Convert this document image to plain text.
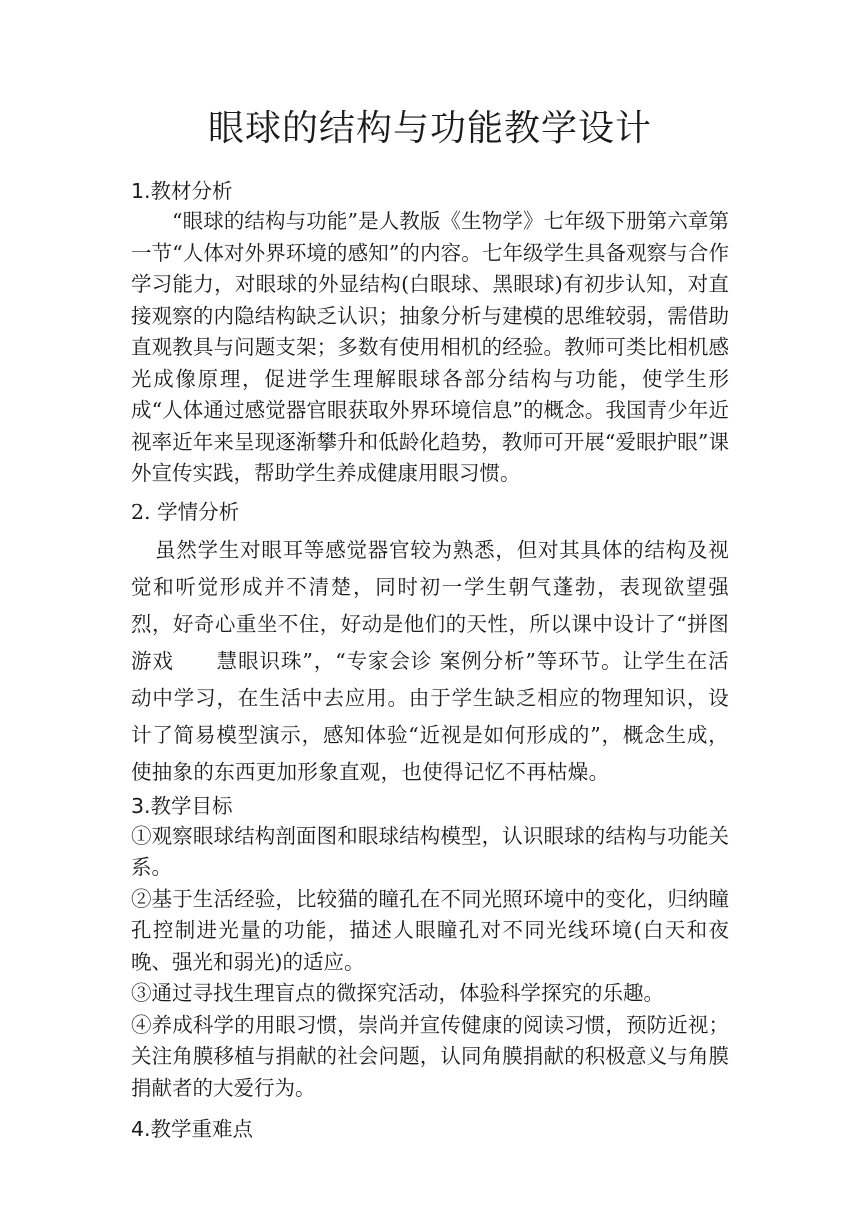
眼球的结构与功能教学设计
1.教材分析

“眼球的结构与功能”是人教版《生物学》七年级下册第六章第一节“人体对外界环境的感知”的内容。七年级学生具备观察与合作学习能力，对眼球的外显结构(白眼球、黑眼球)有初步认知，对直接观察的内隐结构缺乏认识；抽象分析与建模的思维较弱，需借助直观教具与问题支架；多数有使用相机的经验。教师可类比相机感光成像原理，促进学生理解眼球各部分结构与功能，使学生形成“人体通过感觉器官眼获取外界环境信息”的概念。我国青少年近视率近年来呈现逐渐攀升和低龄化趋势，教师可开展“爱眼护眼”课外宣传实践，帮助学生养成健康用眼习惯。

2. 学情分析

虽然学生对眼耳等感觉器官较为熟悉，但对其具体的结构及视觉和听觉形成并不清楚，同时初一学生朝气蓬勃，表现欲望强烈，好奇心重坐不住，好动是他们的天性，所以课中设计了“拼图游戏　　慧眼识珠”，“专家会诊 案例分析”等环节。让学生在活动中学习，在生活中去应用。由于学生缺乏相应的物理知识，设计了简易模型演示，感知体验“近视是如何形成的”，概念生成，使抽象的东西更加形象直观，也使得记忆不再枯燥。

3.教学目标

①观察眼球结构剖面图和眼球结构模型，认识眼球的结构与功能关系。

②基于生活经验，比较猫的瞳孔在不同光照环境中的变化，归纳瞳孔控制进光量的功能，描述人眼瞳孔对不同光线环境(白天和夜晚、强光和弱光)的适应。

③通过寻找生理盲点的微探究活动，体验科学探究的乐趣。

④养成科学的用眼习惯，崇尚并宣传健康的阅读习惯，预防近视；关注角膜移植与捐献的社会问题，认同角膜捐献的积极意义与角膜捐献者的大爱行为。

4.教学重难点
